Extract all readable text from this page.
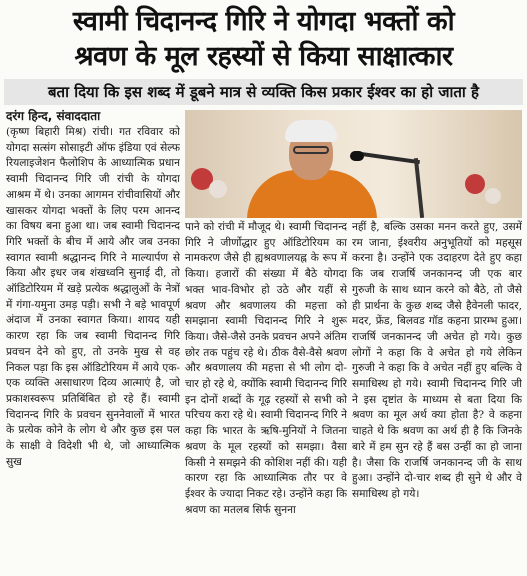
स्वामी चिदानन्द गिरि ने योगदा भक्तों को
श्रवण के मूल रहस्यों से किया साक्षात्कार
बता दिया कि इस शब्द में डूबने मात्र से व्यक्ति किस प्रकार ईश्वर का हो जाता है
दरंग हिन्द, संवाददाता

(कृष्ण बिहारी मिश्र) रांची। गत रविवार को योगदा सत्संग सोसाइटी ऑफ इंडिया एवं सेल्फ रियलाइजेशन फैलोशिप के आध्यात्मिक प्रधान स्वामी चिदानन्द गिरि जी रांची के योगदा आश्रम में थे। उनका आगमन रांचीवासियों और खासकर योगदा भक्तों के लिए परम आनन्द का विषय बना हुआ था। जब स्वामी चिदानन्द गिरि भक्तों के बीच में आये और जब उनका स्वागत स्वामी श्रद्धानन्द गिरि ने माल्यार्पण से किया और इधर जब शंखध्वनि सुनाई दी, तो ऑडिटोरियम में खड़े प्रत्येक श्रद्धालुओं के नेत्रों में गंगा-यमुना उमड़ पड़ी। सभी ने बड़े भावपूर्ण अंदाज में उनका स्वागत किया। शायद यही कारण रहा कि जब स्वामी चिदानन्द गिरि प्रवचन देने को हुए, तो उनके मुख से वह निकल पड़ा कि इस ऑडिटोरियम में आये एक-एक व्यक्ति असाधारण दिव्य आत्माएं है, जो प्रकाशस्वरूप प्रतिबिंबित हो रहे हैं। स्वामी चिदानन्द गिरि के प्रवचन सुननेवालों में भारत के प्रत्येक कोने के लोग थे और कुछ इस पल के साक्षी वे विदेशी भी थे, जो आध्यात्मिक सुख

पाने को रांची में मौजूद थे। स्वामी चिदानन्द गिरि ने जीर्णोद्धार हुए ऑडिटोरियम का नामकरण जैसे ही ह्यश्रवणालयह्न के रूप में किया। हजारों की संख्या में बैठे योगदा भक्त भाव-विभोर हो उठे और यहीं से श्रवण और श्रवणालय की महत्ता को समझाना स्वामी चिदानन्द गिरि ने शुरू किया। जैसे-जैसे उनके प्रवचन अपने अंतिम छोर तक पहुंच रहे थे। ठीक वैसे-वैसे श्रवण और श्रवणालय की महत्ता से भी लोग दो-चार हो रहे थे, क्योंकि स्वामी चिदानन्द गिरि इन दोनों शब्दों के गूढ़ रहस्यों से सभी को परिचय करा रहे थे। स्वामी चिदानन्द गिरि ने कहा कि भारत के ऋषि-मुनियों ने जितना श्रवण के मूल रहस्यों को समझा। वैसा किसी ने समझने की कोशिश नहीं की। यही कारण रहा कि आध्यात्मिक तौर पर वे ईश्वर के ज्यादा निकट रहे। उन्होंने कहा कि श्रवण का मतलब सिर्फ सुनना

नहीं है, बल्कि उसका मनन करते हुए, उसमें रम जाना, ईश्वरीय अनुभूतियों को महसूस करना है। उन्होंने एक उदाहरण देते हुए कहा कि जब राजर्षि जनकानन्द जी एक बार गुरुजी के साथ ध्यान करने को बैठे, तो जैसे ही प्रार्थना के कुछ शब्द जैसे हैवेनली फादर, मदर, फ्रेंड, बिलवड गॉड कहना प्रारम्भ हुआ। राजर्षि जनकानन्द जी अचेत हो गये। कुछ लोगों ने कहा कि वे अचेत हो गये लेकिन गुरुजी ने कहा कि वे अचेत नहीं हुए बल्कि वे समाधिस्थ हो गये। स्वामी चिदानन्द गिरि जी ने इस दृष्टांत के माध्यम से बता दिया कि श्रवण का मूल अर्थ क्या होता है? वे कहना चाहते थे कि श्रवण का अर्थ ही है कि जिनके बारे में हम सुन रहे हैं बस उन्हीं का हो जाना है। जैसा कि राजर्षि जनकानन्द जी के साथ हुआ। उन्होंने दो-चार शब्द ही सुने थे और वे समाधिस्थ हो गये।
